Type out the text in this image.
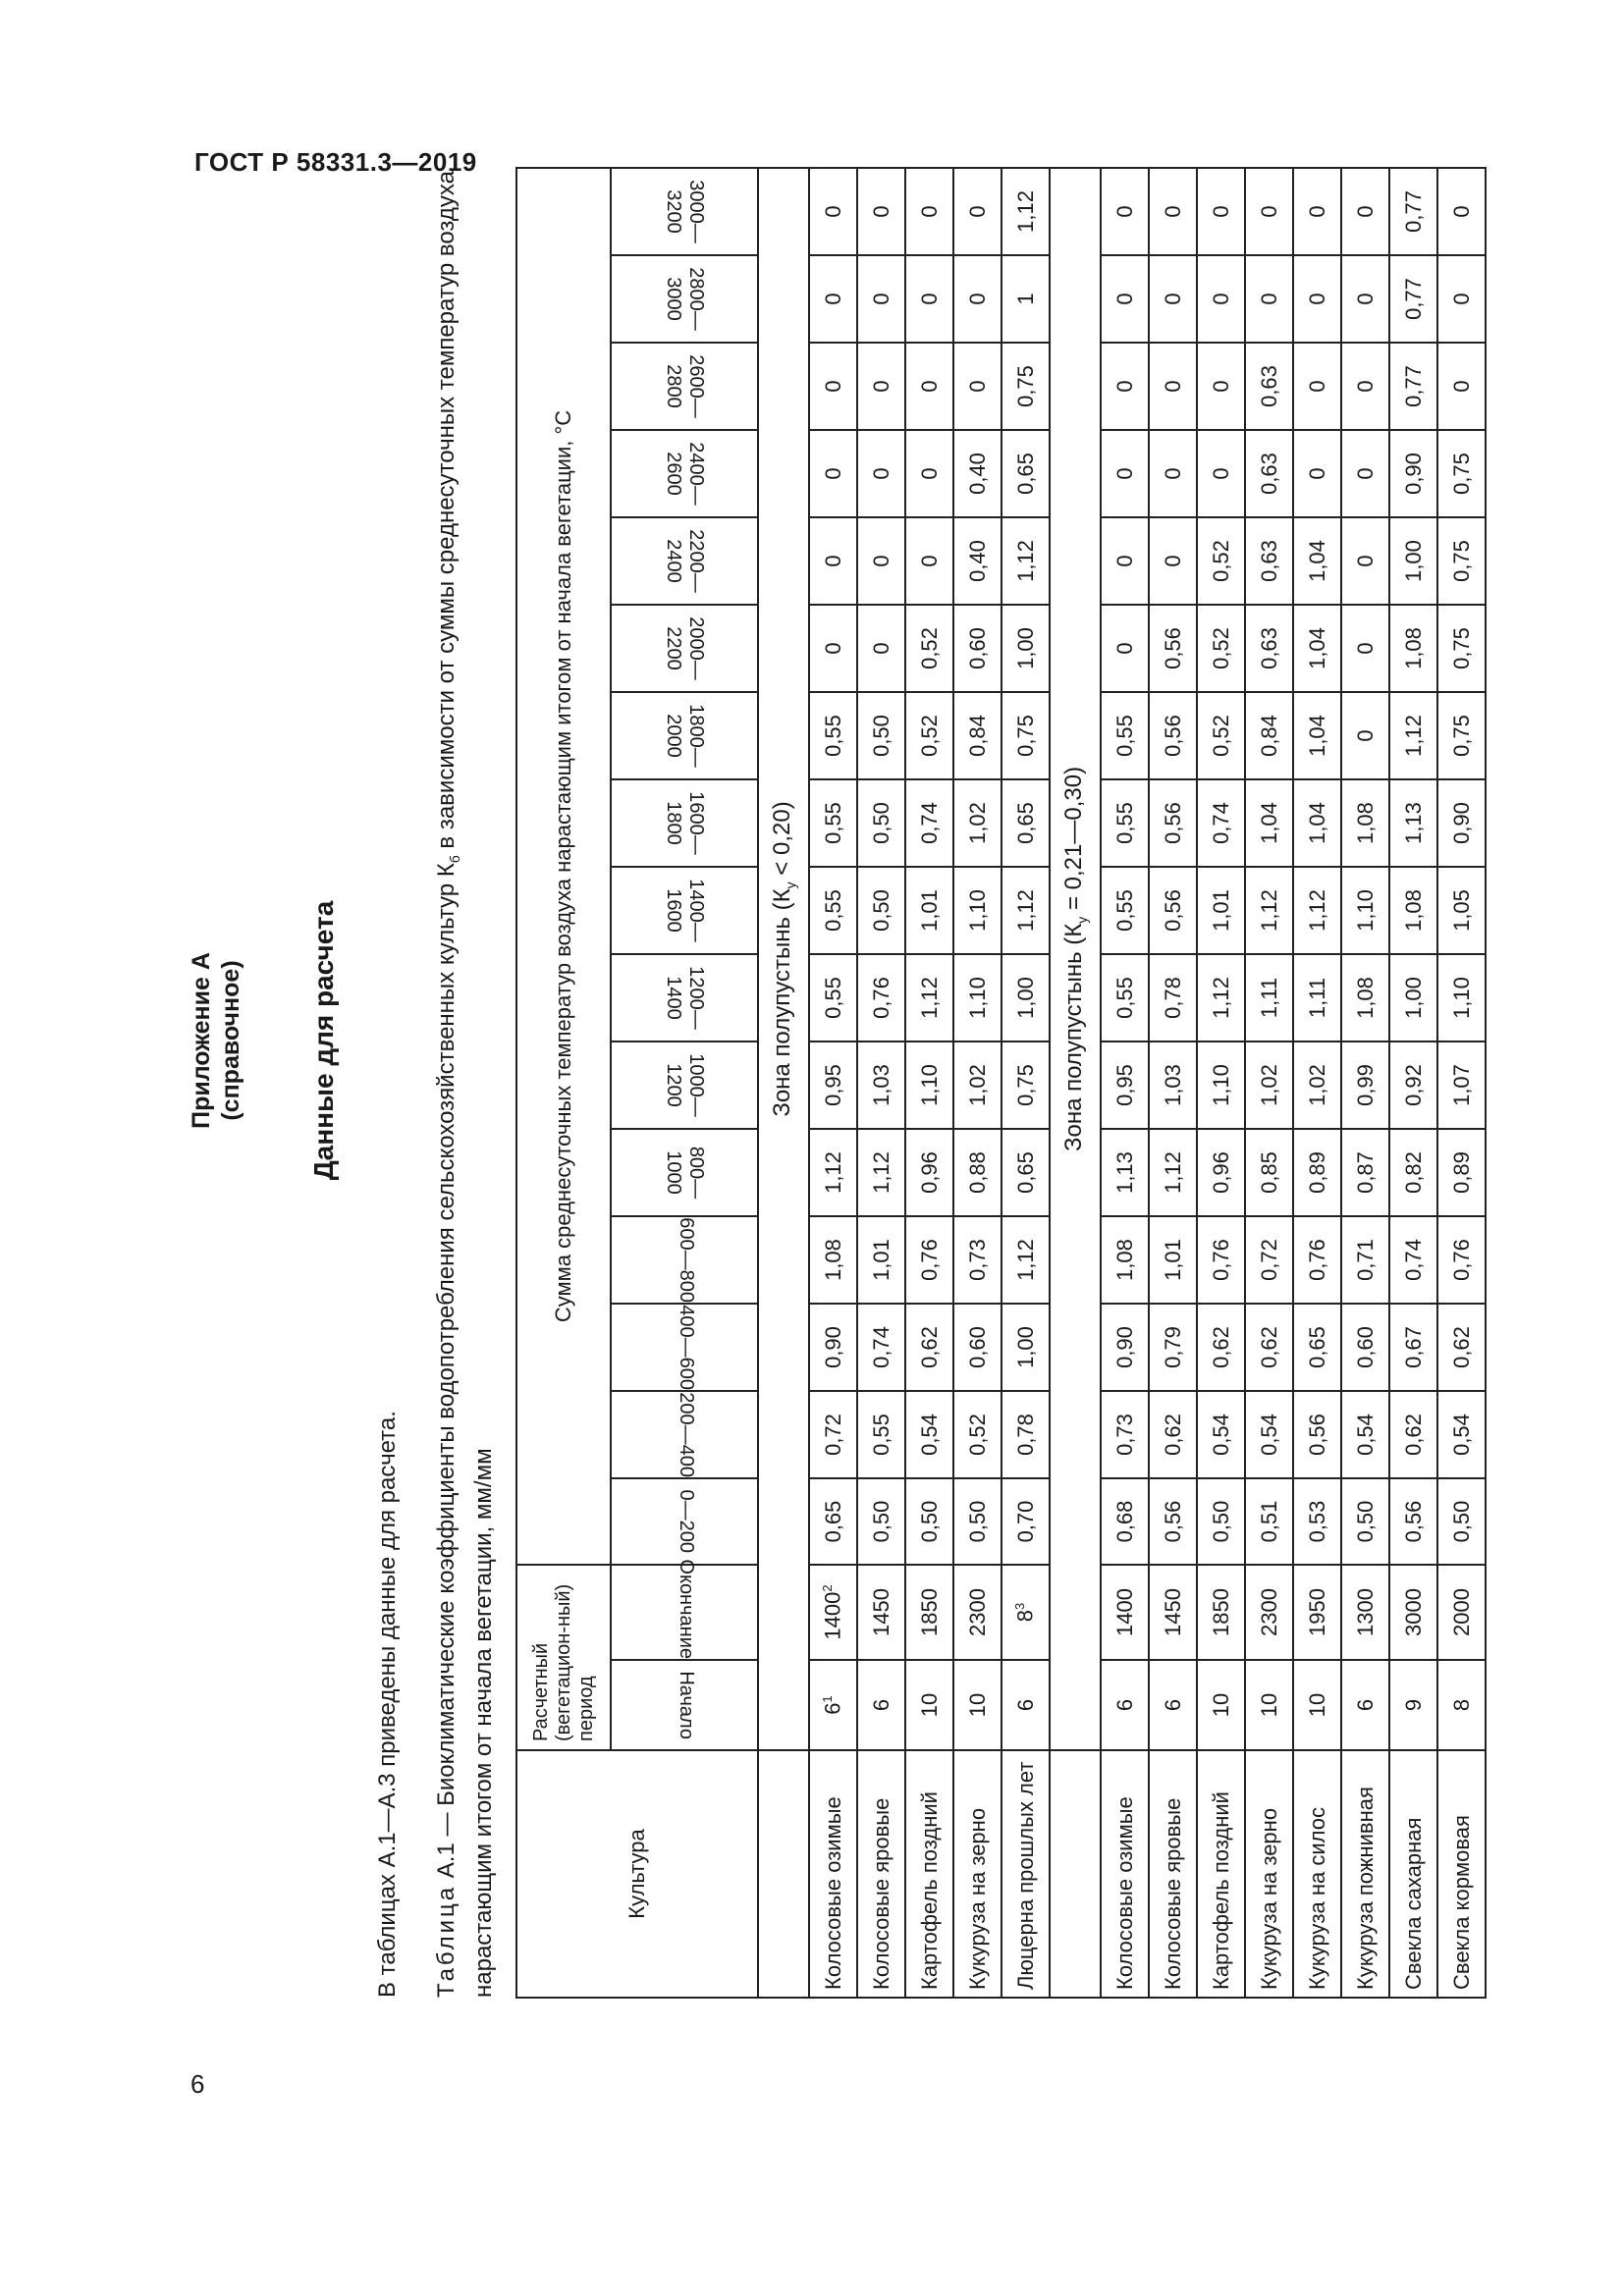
ГОСТ Р 58331.3—2019
6
Приложение А (справочное) Данные для расчета
В таблицах А.1—А.3 приведены данные для расчета. Таблица А.1 — Биоклиматические коэффициенты водопотребления сельскохозяйственных культур $К_б$ в зависимости от суммы среднесуточных температур воздуха нарастающим итогом от начала вегетации, мм/мм	Культура	Расчетный (вегетацион-ный) период		Сумма среднесуточных температур воздуха нарастающим итогом от начала вегетации, °С															
	Начало	Окончание	0—200	200—400	400—600	600—800	800—1000	1000—1200	1200—1400	1400—1600	1600—1800	1800—2000	2000—2200	2200—2400	2400—2600	2600—2800	2800—3000	3000—3200
	Зона полупустынь $(К_у < 0,20)$																	
Колосовые озимые	$6^1$	1400$^2$	0,65	0,72	0,90	1,08	1,12	0,95	0,55	0,55	0,55	0,55	0	0	0	0	0	0
Колосовые яровые	6	1450	0,50	0,55	0,74	1,01	1,12	1,03	0,76	0,50	0,50	0,50	0	0	0	0	0	0
Картофель поздний	10	1850	0,50	0,54	0,62	0,76	0,96	1,10	1,12	1,01	0,74	0,52	0,52	0	0	0	0	0
Кукуруза на зерно	10	2300	0,50	0,52	0,60	0,73	0,88	1,02	1,10	1,10	1,02	0,84	0,60	0,40	0,40	0	0	0
Люцерна прошлых лет	6	$8^3$	0,70	0,78	1,00	1,12	0,65	0,75	1,00	1,12	0,65	0,75	1,00	1,12	0,65	0,75	1	1,12
	Зона полупустынь ($К_у$ = 0,21—0,30)																	
Колосовые озимые	6	1400	0,68	0,73	0,90	1,08	1,13	0,95	0,55	0,55	0,55	0,55	0	0	0	0	0	0
Колосовые яровые	6	1450	0,56	0,62	0,79	1,01	1,12	1,03	0,78	0,56	0,56	0,56	0,56	0	0	0	0	0
Картофель поздний	10	1850	0,50	0,54	0,62	0,76	0,96	1,10	1,12	1,01	0,74	0,52	0,52	0,52	0	0	0	0
Кукуруза на зерно	10	2300	0,51	0,54	0,62	0,72	0,85	1,02	1,11	1,12	1,04	0,84	0,63	0,63	0,63	0,63	0	0
Кукуруза на силос	10	1950	0,53	0,56	0,65	0,76	0,89	1,02	1,11	1,12	1,04	1,04	1,04	1,04	0	0	0	0
Кукуруза пожнивная	6	1300	0,50	0,54	0,60	0,71	0,87	0,99	1,08	1,10	1,08	0	0	0	0	0	0	0
Свекла сахарная	9	3000	0,56	0,62	0,67	0,74	0,82	0,92	1,00	1,08	1,13	1,12	1,08	1,00	0,90	0,77	0,77	0,77
Свекла кормовая	8	2000	0,50	0,54	0,62	0,76	0,89	1,07	1,10	1,05	0,90	0,75	0,75	0,75	0,75	0	0	0
